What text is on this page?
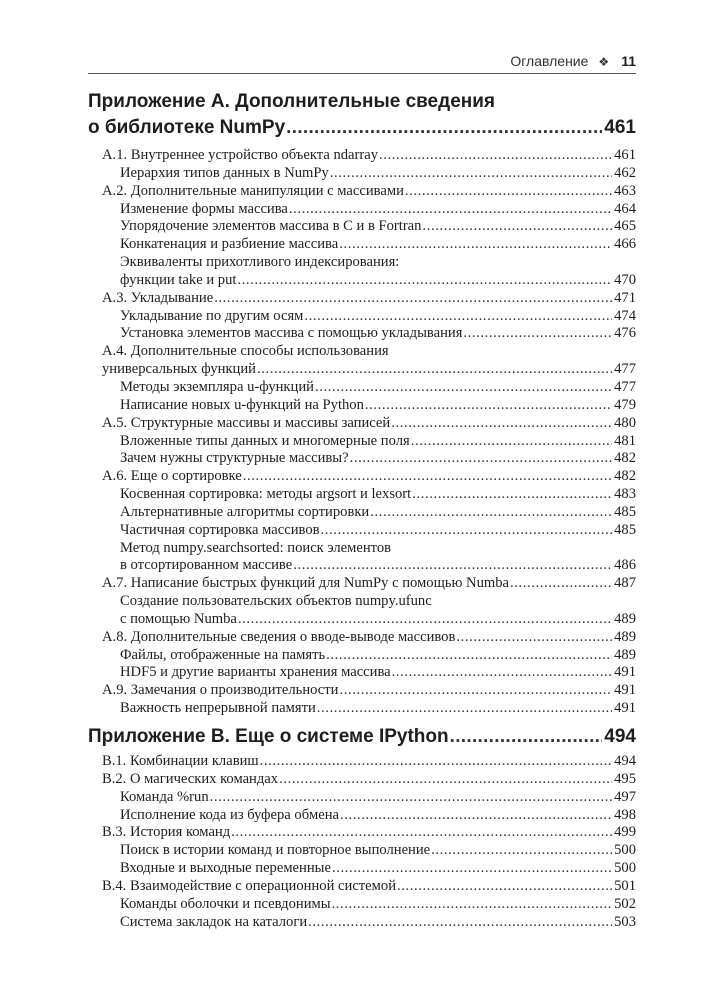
Оглавление ❖ 11
Приложение А. Дополнительные сведения
о библиотеке NumPy .....	461
A.1. Внутреннее устройство объекта ndarray .....	461
Иерархия типов данных в NumPy .....	462
A.2. Дополнительные манипуляции с массивами .....	463
Изменение формы массива .....	464
Упорядочение элементов массива в C и в Fortran .....	465
Конкатенация и разбиение массива .....	466
Эквиваленты прихотливого индексирования:
функции take и put .....	470
A.3. Укладывание .....	471
Укладывание по другим осям .....	474
Установка элементов массива с помощью укладывания .....	476
A.4. Дополнительные способы использования
универсальных функций .....	477
Методы экземпляра u-функций .....	477
Написание новых u-функций на Python .....	479
A.5. Структурные массивы и массивы записей .....	480
Вложенные типы данных и многомерные поля .....	481
Зачем нужны структурные массивы? .....	482
A.6. Еще о сортировке .....	482
Косвенная сортировка: методы argsort и lexsort .....	483
Альтернативные алгоритмы сортировки .....	485
Частичная сортировка массивов .....	485
Метод numpy.searchsorted: поиск элементов
в отсортированном массиве .....	486
A.7. Написание быстрых функций для NumPy с помощью Numba .....	487
Создание пользовательских объектов numpy.ufunc
с помощью Numba .....	489
A.8. Дополнительные сведения о вводе-выводе массивов .....	489
Файлы, отображенные на память .....	489
HDF5 и другие варианты хранения массива .....	491
A.9. Замечания о производительности .....	491
Важность непрерывной памяти .....	491
Приложение B. Еще о системе IPython .....	494
B.1. Комбинации клавиш .....	494
B.2. О магических командах .....	495
Команда %run .....	497
Исполнение кода из буфера обмена .....	498
B.3. История команд .....	499
Поиск в истории команд и повторное выполнение .....	500
Входные и выходные переменные .....	500
B.4. Взаимодействие с операционной системой .....	501
Команды оболочки и псевдонимы .....	502
Система закладок на каталоги .....	503
